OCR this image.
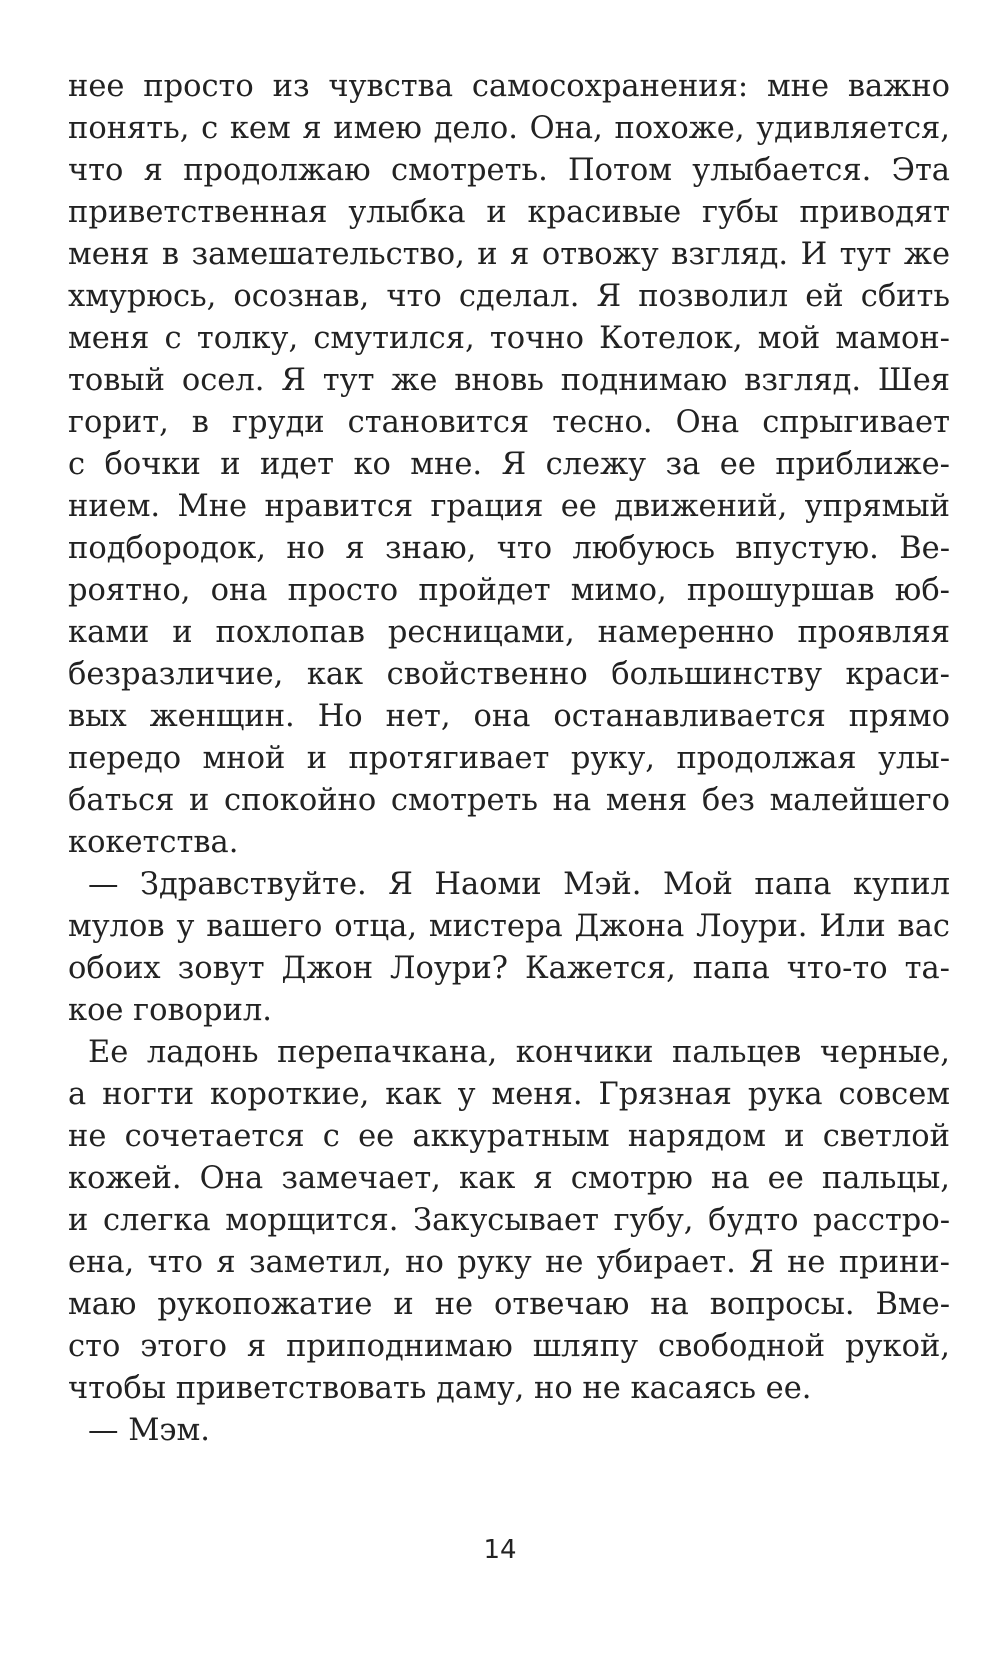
нее просто из чувства самосохранения: мне важно
понять, с кем я имею дело. Она, похоже, удивляется,
что я продолжаю смотреть. Потом улыбается. Эта
приветственная улыбка и красивые губы приводят
меня в замешательство, и я отвожу взгляд. И тут же
хмурюсь, осознав, что сделал. Я позволил ей сбить
меня с толку, смутился, точно Котелок, мой мамон-
товый осел. Я тут же вновь поднимаю взгляд. Шея
горит, в груди становится тесно. Она спрыгивает
с бочки и идет ко мне. Я слежу за ее приближе-
нием. Мне нравится грация ее движений, упрямый
подбородок, но я знаю, что любуюсь впустую. Ве-
роятно, она просто пройдет мимо, прошуршав юб-
ками и похлопав ресницами, намеренно проявляя
безразличие, как свойственно большинству краси-
вых женщин. Но нет, она останавливается прямо
передо мной и протягивает руку, продолжая улы-
баться и спокойно смотреть на меня без малейшего
кокетства.
— Здравствуйте. Я Наоми Мэй. Мой папа купил
мулов у вашего отца, мистера Джона Лоури. Или вас
обоих зовут Джон Лоури? Кажется, папа что-то та-
кое говорил.
Ее ладонь перепачкана, кончики пальцев черные,
а ногти короткие, как у меня. Грязная рука совсем
не сочетается с ее аккуратным нарядом и светлой
кожей. Она замечает, как я смотрю на ее пальцы,
и слегка морщится. Закусывает губу, будто расстро-
ена, что я заметил, но руку не убирает. Я не прини-
маю рукопожатие и не отвечаю на вопросы. Вме-
сто этого я приподнимаю шляпу свободной рукой,
чтобы приветствовать даму, но не касаясь ее.
— Мэм.
14
